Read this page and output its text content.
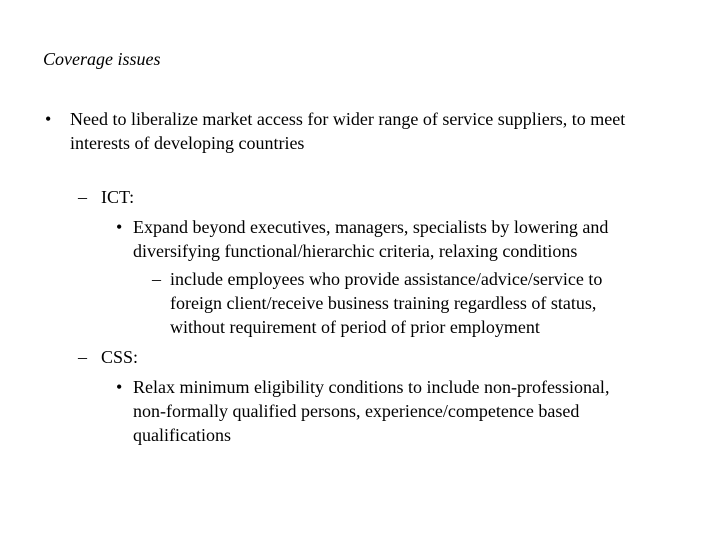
Coverage issues
• Need to liberalize market access for wider range of service suppliers, to meet
interests of developing countries
– ICT:
• Expand beyond executives, managers, specialists by lowering and
diversifying functional/hierarchic criteria, relaxing conditions
– include employees who provide assistance/advice/service to
foreign client/receive business training regardless of status,
without requirement of period of prior employment
– CSS:
• Relax minimum eligibility conditions to include non-professional,
non-formally qualified persons, experience/competence based
qualifications
